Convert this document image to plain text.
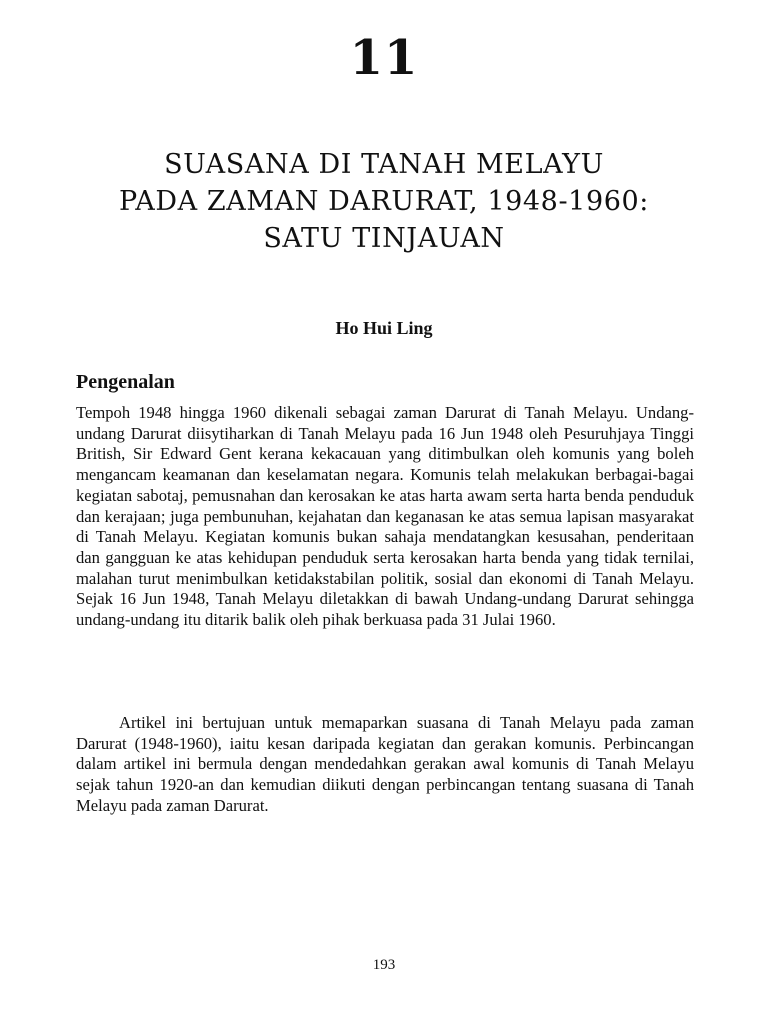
11
SUASANA DI TANAH MELAYU
PADA ZAMAN DARURAT, 1948-1960:
SATU TINJAUAN
Ho Hui Ling
Pengenalan

Tempoh 1948 hingga 1960 dikenali sebagai zaman Darurat di Tanah Melayu. Undang-undang Darurat diisytiharkan di Tanah Melayu pada 16 Jun 1948 oleh Pesuruhjaya Tinggi British, Sir Edward Gent kerana kekacauan yang ditimbulkan oleh komunis yang boleh mengancam keamanan dan keselamatan negara. Komunis telah melakukan berbagai-bagai kegiatan sabotaj, pemusnahan dan kerosakan ke atas harta awam serta harta benda penduduk dan kerajaan; juga pembunuhan, kejahatan dan keganasan ke atas semua lapisan masyarakat di Tanah Melayu. Kegiatan komunis bukan sahaja mendatangkan kesusahan, penderitaan dan gangguan ke atas kehidupan penduduk serta kerosakan harta benda yang tidak ternilai, malahan turut menimbulkan ketidakstabilan politik, sosial dan ekonomi di Tanah Melayu. Sejak 16 Jun 1948, Tanah Melayu diletakkan di bawah Undang-undang Darurat sehingga undang-undang itu ditarik balik oleh pihak berkuasa pada 31 Julai 1960.

Artikel ini bertujuan untuk memaparkan suasana di Tanah Melayu pada zaman Darurat (1948-1960), iaitu kesan daripada kegiatan dan gerakan komunis. Perbincangan dalam artikel ini bermula dengan mendedahkan gerakan awal komunis di Tanah Melayu sejak tahun 1920-an dan kemudian diikuti dengan perbincangan tentang suasana di Tanah Melayu pada zaman Darurat.

193
